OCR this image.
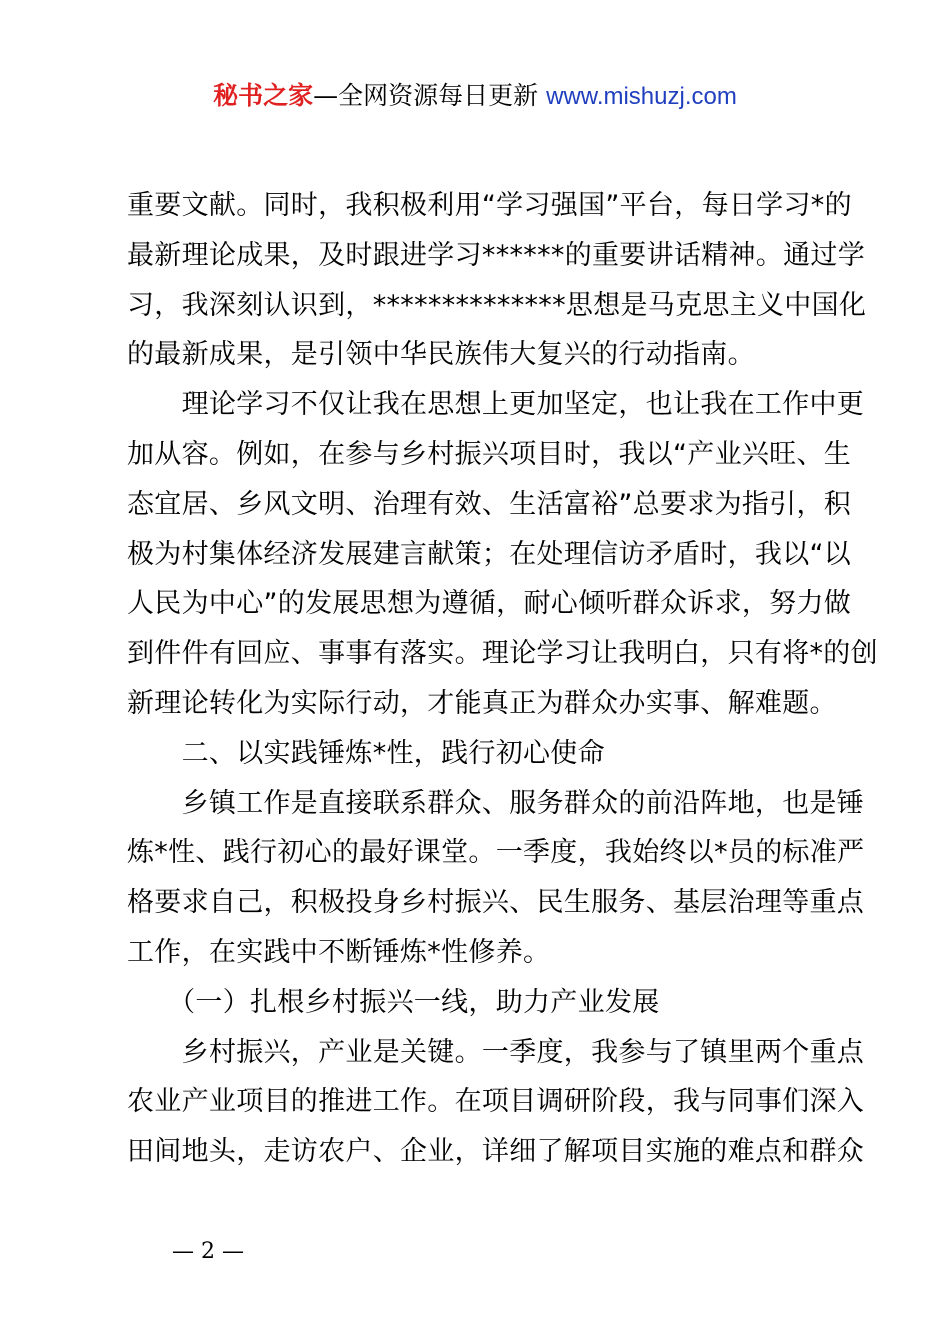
秘书之家—全网资源每日更新 www.mishuzj.com

重要文献。同时，我积极利用“学习强国”平台，每日学习*的

最新理论成果，及时跟进学习******的重要讲话精神。通过学

习，我深刻认识到，**************思想是马克思主义中国化

的最新成果，是引领中华民族伟大复兴的行动指南。

　　理论学习不仅让我在思想上更加坚定，也让我在工作中更

加从容。例如，在参与乡村振兴项目时，我以“产业兴旺、生

态宜居、乡风文明、治理有效、生活富裕”总要求为指引，积

极为村集体经济发展建言献策；在处理信访矛盾时，我以“以

人民为中心”的发展思想为遵循，耐心倾听群众诉求，努力做

到件件有回应、事事有落实。理论学习让我明白，只有将*的创

新理论转化为实际行动，才能真正为群众办实事、解难题。

　　二、以实践锤炼*性，践行初心使命

　　乡镇工作是直接联系群众、服务群众的前沿阵地，也是锤

炼*性、践行初心的最好课堂。一季度，我始终以*员的标准严

格要求自己，积极投身乡村振兴、民生服务、基层治理等重点

工作，在实践中不断锤炼*性修养。

　　（一）扎根乡村振兴一线，助力产业发展

　　乡村振兴，产业是关键。一季度，我参与了镇里两个重点

农业产业项目的推进工作。在项目调研阶段，我与同事们深入

田间地头，走访农户、企业，详细了解项目实施的难点和群众

— 2 —
